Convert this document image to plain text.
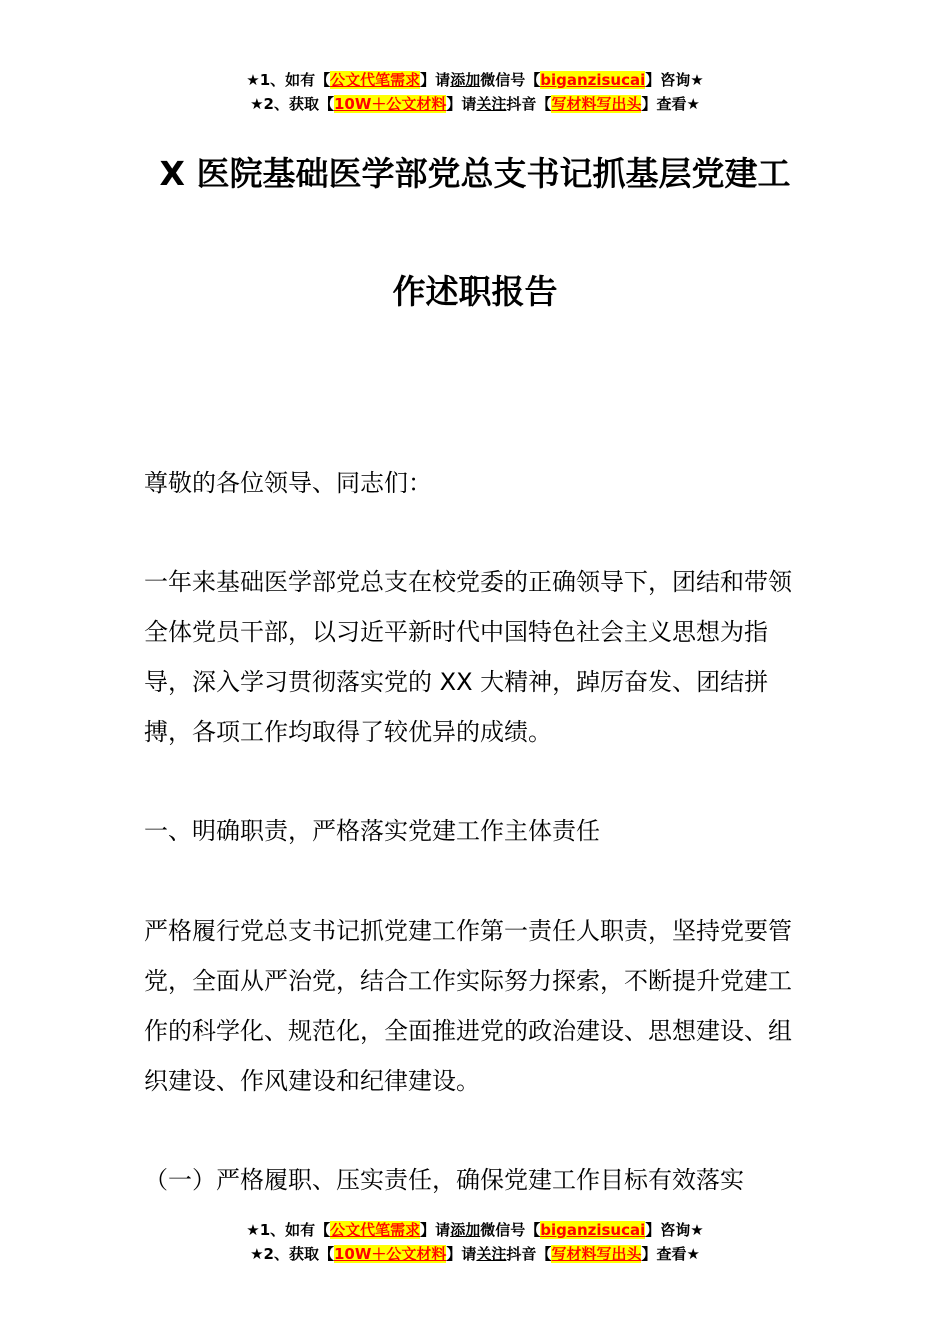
★1、如有【公文代笔需求】请添加微信号【biganzisucai】咨询★
★2、获取【10W＋公文材料】请关注抖音【写材料写出头】查看★
X 医院基础医学部党总支书记抓基层党建工
作述职报告

尊敬的各位领导、同志们：

一年来基础医学部党总支在校党委的正确领导下，团结和带领全体党员干部，以习近平新时代中国特色社会主义思想为指导，深入学习贯彻落实党的 XX 大精神，踔厉奋发、团结拼搏，各项工作均取得了较优异的成绩。

一、明确职责，严格落实党建工作主体责任

严格履行党总支书记抓党建工作第一责任人职责，坚持党要管党，全面从严治党，结合工作实际努力探索，不断提升党建工作的科学化、规范化，全面推进党的政治建设、思想建设、组织建设、作风建设和纪律建设。

（一）严格履职、压实责任，确保党建工作目标有效落实

★1、如有【公文代笔需求】请添加微信号【biganzisucai】咨询★
★2、获取【10W＋公文材料】请关注抖音【写材料写出头】查看★
